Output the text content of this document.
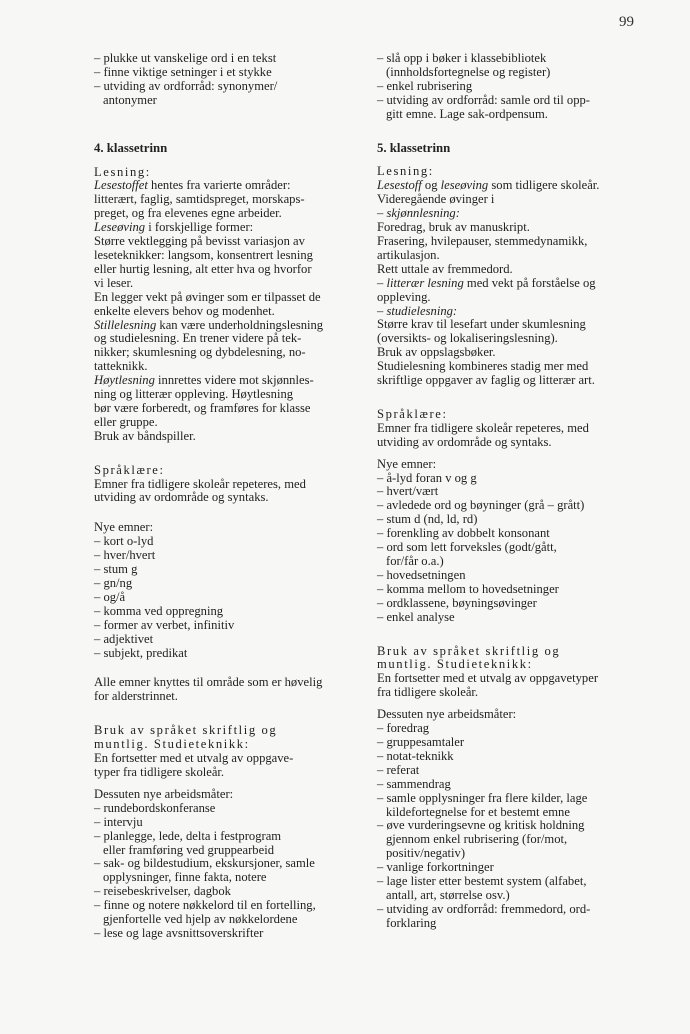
99
– plukke ut vanskelige ord i en tekst
– finne viktige setninger i et stykke
– utviding av ordforråd: synonymer/
antonymer
4. klassetrinn
Lesning:
Lesestoffet hentes fra varierte områder:
litterært, faglig, samtidspreget, morskaps-
preget, og fra elevenes egne arbeider.
Leseøving i forskjellige former:
Større vektlegging på bevisst variasjon av
leseteknikker: langsom, konsentrert lesning
eller hurtig lesning, alt etter hva og hvorfor
vi leser.
En legger vekt på øvinger som er tilpasset de
enkelte elevers behov og modenhet.
Stillelesning kan være underholdningslesning
og studielesning. En trener videre på tek-
nikker; skumlesning og dybdelesning, no-
tatteknikk.
Høytlesning innrettes videre mot skjønnles-
ning og litterær oppleving. Høytlesning
bør være forberedt, og framføres for klasse
eller gruppe.
Bruk av båndspiller.
Språklære:
Emner fra tidligere skoleår repeteres, med
utviding av ordområde og syntaks.
Nye emner:
– kort o-lyd
– hver/hvert
– stum g
– gn/ng
– og/å
– komma ved oppregning
– former av verbet, infinitiv
– adjektivet
– subjekt, predikat
Alle emner knyttes til område som er høvelig
for alderstrinnet.
Bruk av språket skriftlig og
muntlig. Studieteknikk:
En fortsetter med et utvalg av oppgave-
typer fra tidligere skoleår.
Dessuten nye arbeidsmåter:
– rundebordskonferanse
– intervju
– planlegge, lede, delta i festprogram
eller framføring ved gruppearbeid
– sak- og bildestudium, ekskursjoner, samle
opplysninger, finne fakta, notere
– reisebeskrivelser, dagbok
– finne og notere nøkkelord til en fortelling,
gjenfortelle ved hjelp av nøkkelordene
– lese og lage avsnittsoverskrifter
– slå opp i bøker i klassebibliotek
(innholdsfortegnelse og register)
– enkel rubrisering
– utviding av ordforråd: samle ord til opp-
gitt emne. Lage sak-ordpensum.
5. klassetrinn
Lesning:
Lesestoff og leseøving som tidligere skoleår.
Videregående øvinger i
– skjønnlesning:
Foredrag, bruk av manuskript.
Frasering, hvilepauser, stemmedynamikk,
artikulasjon.
Rett uttale av fremmedord.
– litterær lesning med vekt på forståelse og
oppleving.
– studielesning:
Større krav til lesefart under skumlesning
(oversikts- og lokaliseringslesning).
Bruk av oppslagsbøker.
Studielesning kombineres stadig mer med
skriftlige oppgaver av faglig og litterær art.
Språklære:
Emner fra tidligere skoleår repeteres, med
utviding av ordområde og syntaks.
Nye emner:
– å-lyd foran v og g
– hvert/vært
– avledede ord og bøyninger (grå – grått)
– stum d (nd, ld, rd)
– forenkling av dobbelt konsonant
– ord som lett forveksles (godt/gått,
for/får o.a.)
– hovedsetningen
– komma mellom to hovedsetninger
– ordklassene, bøyningsøvinger
– enkel analyse
Bruk av språket skriftlig og
muntlig. Studieteknikk:
En fortsetter med et utvalg av oppgavetyper
fra tidligere skoleår.
Dessuten nye arbeidsmåter:
– foredrag
– gruppesamtaler
– notat-teknikk
– referat
– sammendrag
– samle opplysninger fra flere kilder, lage
kildefortegnelse for et bestemt emne
– øve vurderingsevne og kritisk holdning
gjennom enkel rubrisering (for/mot,
positiv/negativ)
– vanlige forkortninger
– lage lister etter bestemt system (alfabet,
antall, art, størrelse osv.)
– utviding av ordforråd: fremmedord, ord-
forklaring
